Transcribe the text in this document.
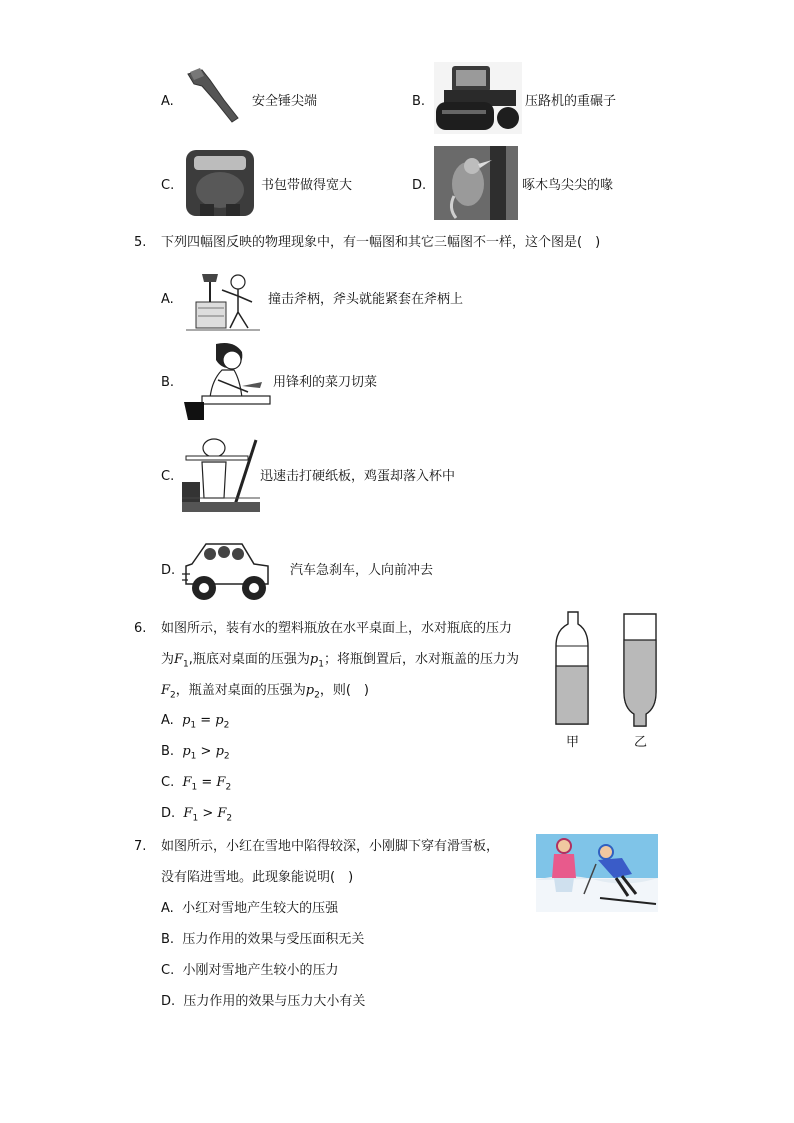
A.	安全锤尖端	B.	压路机的重碾子
C.	书包带做得宽大	D.	啄木鸟尖尖的喙
5. 下列四幅图反映的物理现象中，有一幅图和其它三幅图不一样，这个图是(　)
A.	撞击斧柄，斧头就能紧套在斧柄上
B.	用锋利的菜刀切菜
C.	迅速击打硬纸板，鸡蛋却落入杯中
D.	汽车急刹车，人向前冲去
6. 如图所示，装有水的塑料瓶放在水平桌面上，水对瓶底的压力
为$F_1$,瓶底对桌面的压强为$p_1$；将瓶倒置后，水对瓶盖的压力为
$F_2$，瓶盖对桌面的压强为$p_2$，则(　)
A. $p_1 = p_2$
B. $p_1 > p_2$
C. $F_1 = F_2$
D. $F_1 > F_2$
甲	乙
7. 如图所示，小红在雪地中陷得较深，小刚脚下穿有滑雪板，
没有陷进雪地。此现象能说明(　)
A. 小红对雪地产生较大的压强
B. 压力作用的效果与受压面积无关
C. 小刚对雪地产生较小的压力
D. 压力作用的效果与压力大小有关
